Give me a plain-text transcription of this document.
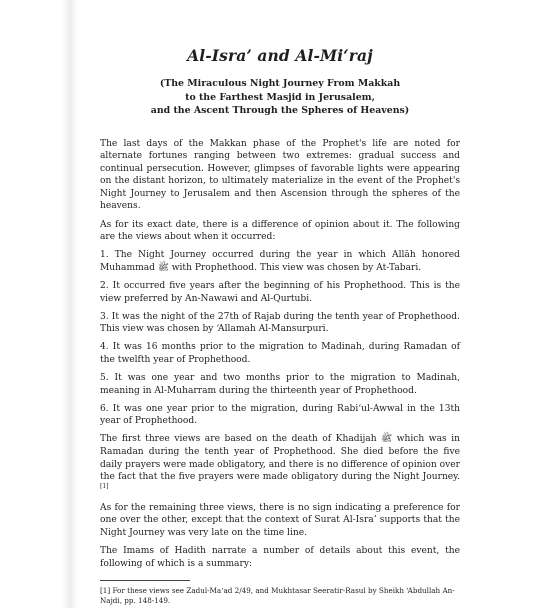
Al-Isra’ and Al-Mi‘raj
(The Miraculous Night Journey From Makkah
to the Farthest Masjid in Jerusalem,
and the Ascent Through the Spheres of Heavens)

The last days of the Makkan phase of the Prophet's life are noted for alternate fortunes ranging between two extremes: gradual success and continual persecution. However, glimpses of favorable lights were appearing on the distant horizon, to ultimately materialize in the event of the Prophet's Night Journey to Jerusalem and then Ascension through the spheres of the heavens.

As for its exact date, there is a difference of opinion about it. The following are the views about when it occurred:

1. The Night Journey occurred during the year in which Allāh honored Muhammad ﷺ with Prophethood. This view was chosen by At-Tabari.

2. It occurred five years after the beginning of his Prophethood. This is the view preferred by An-Nawawi and Al-Qurtubi.

3. It was the night of the 27th of Rajab during the tenth year of Prophethood. This view was chosen by ‘Allamah Al-Mansurpuri.

4. It was 16 months prior to the migration to Madinah, during Ramadan of the twelfth year of Prophethood.

5. It was one year and two months prior to the migration to Madinah, meaning in Al-Muharram during the thirteenth year of Prophethood.

6. It was one year prior to the migration, during Rabi‘ul-Awwal in the 13th year of Prophethood.

The first three views are based on the death of Khadijah ﷺ which was in Ramadan during the tenth year of Prophethood. She died before the five daily prayers were made obligatory, and there is no difference of opinion over the fact that the five prayers were made obligatory during the Night Journey.[1]

As for the remaining three views, there is no sign indicating a preference for one over the other, except that the context of Surat Al-Isra’ supports that the Night Journey was very late on the time line.

The Imams of Hadith narrate a number of details about this event, the following of which is a summary:

[1] For these views see Zadul-Ma‘ad 2/49, and Mukhtasar Seeratir-Rasul by Sheikh ‘Abdullah An-Najdi, pp. 148-149.
